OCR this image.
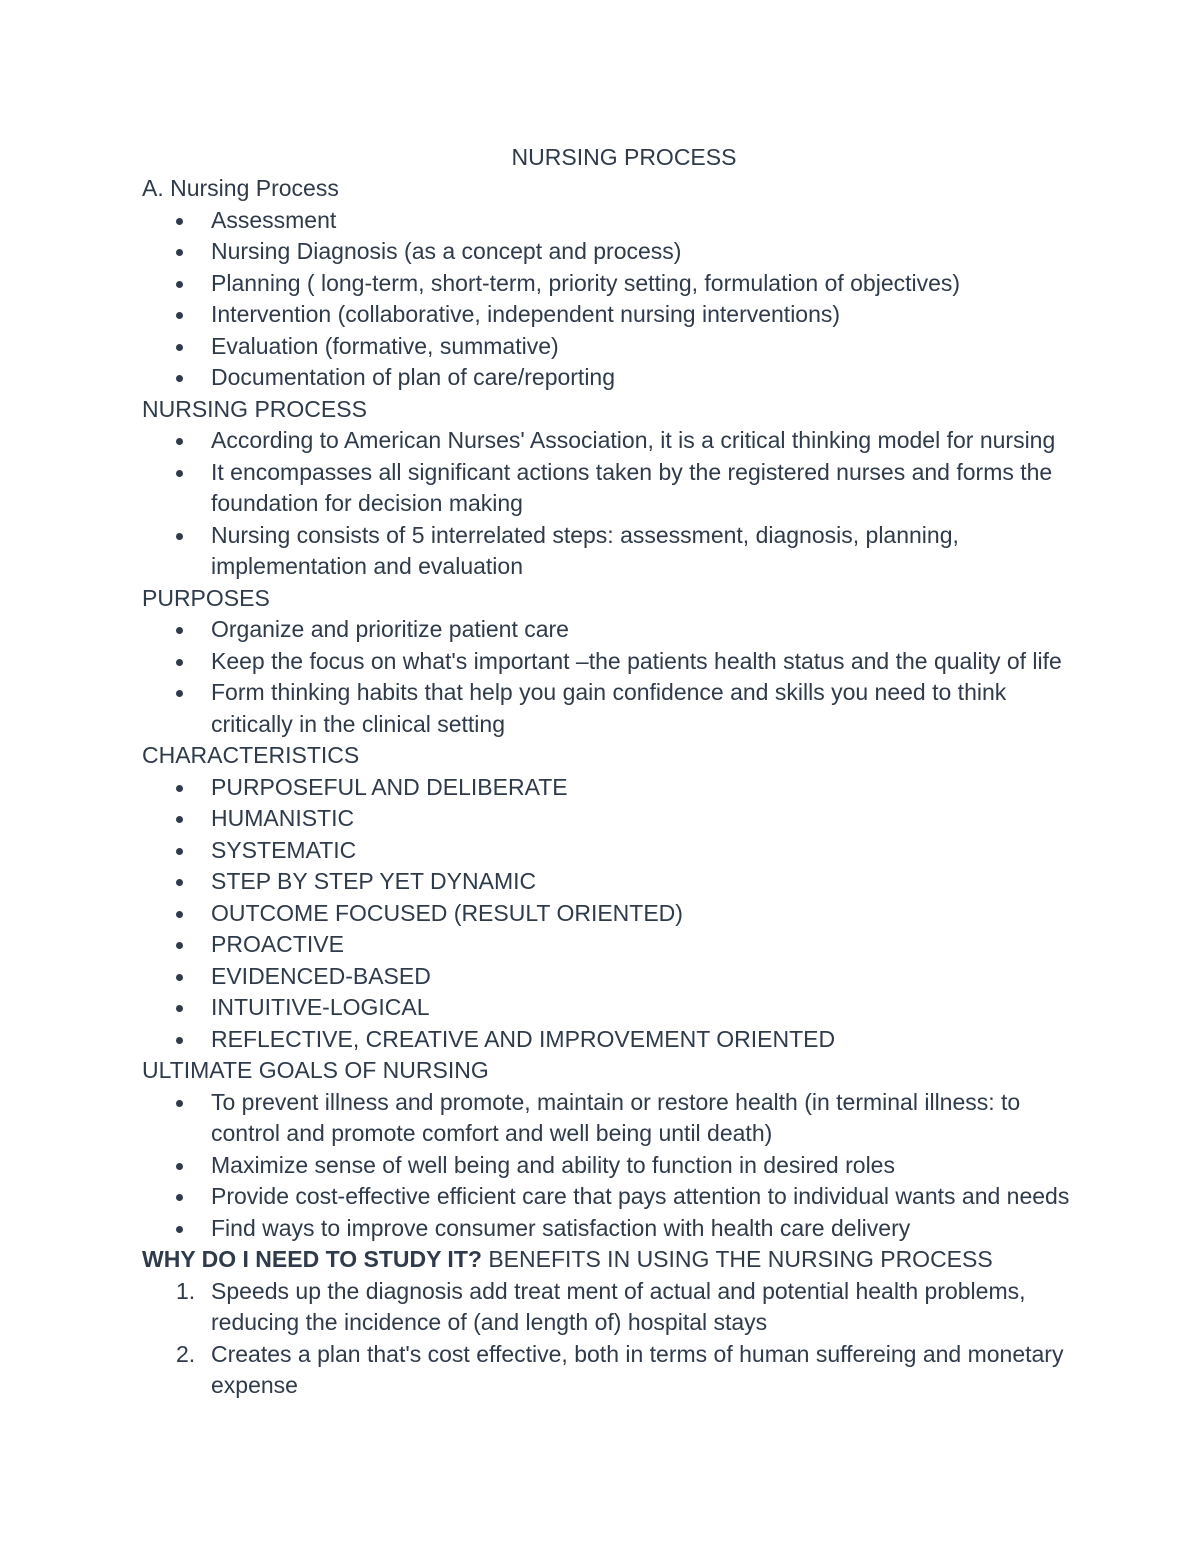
NURSING PROCESS

A. Nursing Process

Assessment
Nursing Diagnosis (as a concept and process)
Planning ( long-term, short-term, priority setting, formulation of objectives)
Intervention (collaborative, independent nursing interventions)
Evaluation (formative, summative)
Documentation of plan of care/reporting

NURSING PROCESS

According to American Nurses' Association, it is a critical thinking model for nursing
It encompasses all significant actions taken by the registered nurses and forms the foundation for decision making
Nursing consists of 5 interrelated steps: assessment, diagnosis, planning, implementation and evaluation

PURPOSES

Organize and prioritize patient care
Keep the focus on what's important –the patients health status and the quality of life
Form thinking habits that help you gain confidence and skills you need to think critically in the clinical setting

CHARACTERISTICS

PURPOSEFUL AND DELIBERATE
HUMANISTIC
SYSTEMATIC
STEP BY STEP YET DYNAMIC
OUTCOME FOCUSED (RESULT ORIENTED)
PROACTIVE
EVIDENCED-BASED
INTUITIVE-LOGICAL
REFLECTIVE, CREATIVE AND IMPROVEMENT ORIENTED

ULTIMATE GOALS OF NURSING

To prevent illness and promote, maintain or restore health (in terminal illness: to control and promote comfort and well being until death)
Maximize sense of well being and ability to function in desired roles
Provide cost-effective efficient care that pays attention to individual wants and needs
Find ways to improve consumer satisfaction with health care delivery

WHY DO I NEED TO STUDY IT? BENEFITS IN USING THE NURSING PROCESS

1. Speeds up the diagnosis add treat ment of actual and potential health problems, reducing the incidence of (and length of) hospital stays
2. Creates a plan that's cost effective, both in terms of human suffereing and monetary expense
